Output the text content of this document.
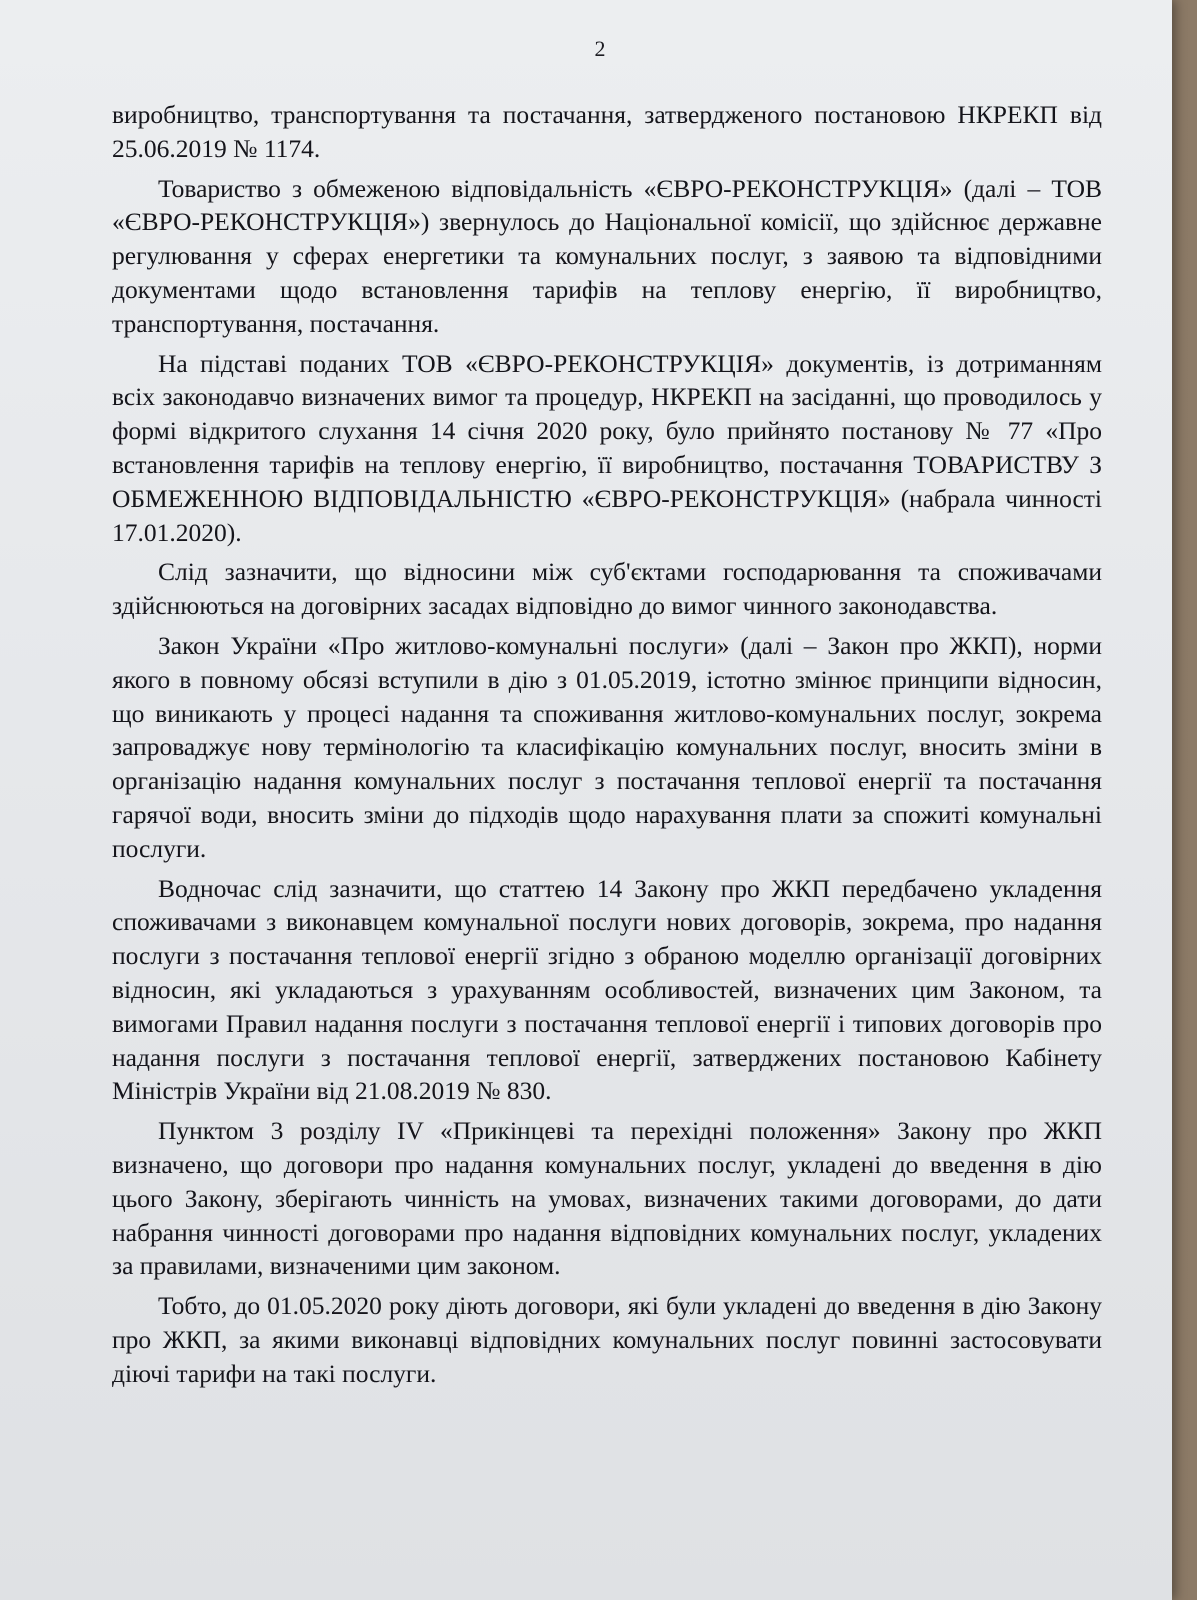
2

виробництво, транспортування та постачання, затвердженого постановою НКРЕКП від 25.06.2019 № 1174.

Товариство з обмеженою відповідальність «ЄВРО-РЕКОНСТРУКЦІЯ» (далі – ТОВ «ЄВРО-РЕКОНСТРУКЦІЯ») звернулось до Національної комісії, що здійснює державне регулювання у сферах енергетики та комунальних послуг, з заявою та відповідними документами щодо встановлення тарифів на теплову енергію, її виробництво, транспортування, постачання.

На підставі поданих ТОВ «ЄВРО-РЕКОНСТРУКЦІЯ» документів, із дотриманням всіх законодавчо визначених вимог та процедур, НКРЕКП на засіданні, що проводилось у формі відкритого слухання 14 січня 2020 року, було прийнято постанову № 77 «Про встановлення тарифів на теплову енергію, її виробництво, постачання ТОВАРИСТВУ З ОБМЕЖЕННОЮ ВІДПОВІДАЛЬНІСТЮ «ЄВРО-РЕКОНСТРУКЦІЯ» (набрала чинності 17.01.2020).

Слід зазначити, що відносини між суб'єктами господарювання та споживачами здійснюються на договірних засадах відповідно до вимог чинного законодавства.

Закон України «Про житлово-комунальні послуги» (далі – Закон про ЖКП), норми якого в повному обсязі вступили в дію з 01.05.2019, істотно змінює принципи відносин, що виникають у процесі надання та споживання житлово-комунальних послуг, зокрема запроваджує нову термінологію та класифікацію комунальних послуг, вносить зміни в організацію надання комунальних послуг з постачання теплової енергії та постачання гарячої води, вносить зміни до підходів щодо нарахування плати за спожиті комунальні послуги.

Водночас слід зазначити, що статтею 14 Закону про ЖКП передбачено укладення споживачами з виконавцем комунальної послуги нових договорів, зокрема, про надання послуги з постачання теплової енергії згідно з обраною моделлю організації договірних відносин, які укладаються з урахуванням особливостей, визначених цим Законом, та вимогами Правил надання послуги з постачання теплової енергії і типових договорів про надання послуги з постачання теплової енергії, затверджених постановою Кабінету Міністрів України від 21.08.2019 № 830.

Пунктом 3 розділу IV «Прикінцеві та перехідні положення» Закону про ЖКП визначено, що договори про надання комунальних послуг, укладені до введення в дію цього Закону, зберігають чинність на умовах, визначених такими договорами, до дати набрання чинності договорами про надання відповідних комунальних послуг, укладених за правилами, визначеними цим законом.

Тобто, до 01.05.2020 року діють договори, які були укладені до введення в дію Закону про ЖКП, за якими виконавці відповідних комунальних послуг повинні застосовувати діючі тарифи на такі послуги.
